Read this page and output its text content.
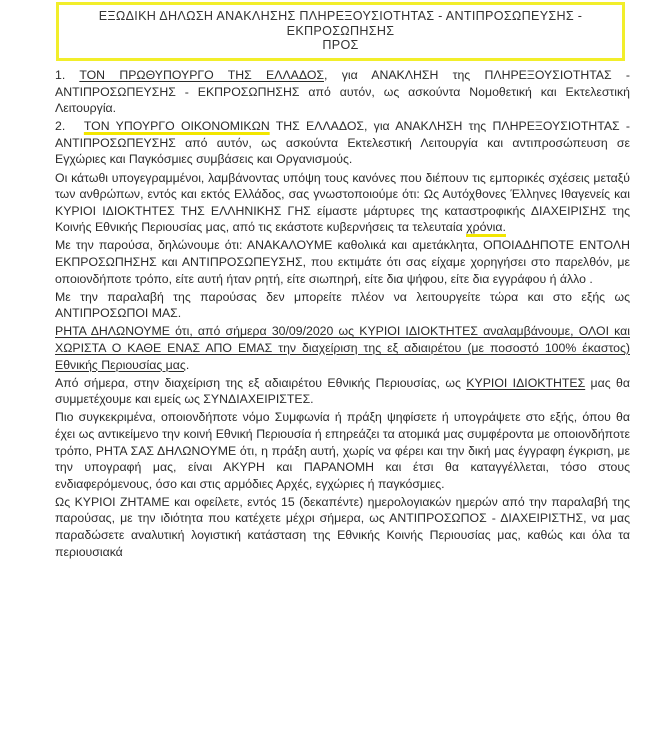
ΕΞΩΔΙΚΗ ΔΗΛΩΣΗ ΑΝΑΚΛΗΣΗΣ ΠΛΗΡΕΞΟΥΣΙΟΤΗΤΑΣ - ΑΝΤΙΠΡΟΣΩΠΕΥΣΗΣ -
ΕΚΠΡΟΣΩΠΗΣΗΣ
ΠΡΟΣ

1. ΤΟΝ ΠΡΩΘΥΠΟΥΡΓΟ ΤΗΣ ΕΛΛΑΔΟΣ, για ΑΝΑΚΛΗΣΗ της ΠΛΗΡΕΞΟΥΣΙΟΤΗΤΑΣ - ΑΝΤΙΠΡΟΣΩΠΕΥΣΗΣ - ΕΚΠΡΟΣΩΠΗΣΗΣ από αυτόν, ως ασκούντα Νομοθετική και Εκτελεστική Λειτουργία.

2. ΤΟΝ ΥΠΟΥΡΓΟ ΟΙΚΟΝΟΜΙΚΩΝ ΤΗΣ ΕΛΛΑΔΟΣ, για ΑΝΑΚΛΗΣΗ της ΠΛΗΡΕΞΟΥΣΙΟΤΗΤΑΣ - ΑΝΤΙΠΡΟΣΩΠΕΥΣΗΣ από αυτόν, ως ασκούντα Εκτελεστική Λειτουργία και αντιπροσώπευση σε Εγχώριες και Παγκόσμιες συμβάσεις και Οργανισμούς.

Οι κάτωθι υπογεγραμμένοι, λαμβάνοντας υπόψη τους κανόνες που διέπουν τις εμπορικές σχέσεις μεταξύ των ανθρώπων, εντός και εκτός Ελλάδος, σας γνωστοποιούμε ότι: Ως Αυτόχθονες Έλληνες Ιθαγενείς και ΚΥΡΙΟΙ ΙΔΙΟΚΤΗΤΕΣ ΤΗΣ ΕΛΛΗΝΙΚΗΣ ΓΗΣ είμαστε μάρτυρες της καταστροφικής ΔΙΑΧΕΙΡΙΣΗΣ της Κοινής Εθνικής Περιουσίας μας, από τις εκάστοτε κυβερνήσεις τα τελευταία χρόνια.

Με την παρούσα, δηλώνουμε ότι: ΑΝΑΚΑΛΟΥΜΕ καθολικά και αμετάκλητα, ΟΠΟΙΑΔΗΠΟΤΕ ΕΝΤΟΛΗ ΕΚΠΡΟΣΩΠΗΣΗΣ και ΑΝΤΙΠΡΟΣΩΠΕΥΣΗΣ, που εκτιμάτε ότι σας είχαμε χορηγήσει στο παρελθόν, με οποιονδήποτε τρόπο, είτε αυτή ήταν ρητή, είτε σιωπηρή, είτε δια ψήφου, είτε δια εγγράφου ή άλλο .

Με την παραλαβή της παρούσας δεν μπορείτε πλέον να λειτουργείτε τώρα και στο εξής ως ΑΝΤΙΠΡΟΣΩΠΟΙ ΜΑΣ.

ΡΗΤΑ ΔΗΛΩΝΟΥΜΕ ότι, από σήμερα 30/09/2020 ως ΚΥΡΙΟΙ ΙΔΙΟΚΤΗΤΕΣ αναλαμβάνουμε, ΟΛΟΙ και ΧΩΡΙΣΤΑ Ο ΚΑΘΕ ΕΝΑΣ ΑΠΟ ΕΜΑΣ την διαχείριση της εξ αδιαιρέτου (με ποσοστό 100% έκαστος) Εθνικής Περιουσίας μας.

Από σήμερα, στην διαχείριση της εξ αδιαιρέτου Εθνικής Περιουσίας, ως ΚΥΡΙΟΙ ΙΔΙΟΚΤΗΤΕΣ μας θα συμμετέχουμε και εμείς ως ΣΥΝΔΙΑΧΕΙΡΙΣΤΕΣ.

Πιο συγκεκριμένα, οποιονδήποτε νόμο Συμφωνία ή πράξη ψηφίσετε ή υπογράψετε στο εξής, όπου θα έχει ως αντικείμενο την κοινή Εθνική Περιουσία ή επηρεάζει τα ατομικά μας συμφέροντα με οποιονδήποτε τρόπο, ΡΗΤΑ ΣΑΣ ΔΗΛΩΝΟΥΜΕ ότι, η πράξη αυτή, χωρίς να φέρει και την δική μας έγγραφη έγκριση, με την υπογραφή μας, είναι ΑΚΥΡΗ και ΠΑΡΑΝΟΜΗ και έτσι θα καταγγέλλεται, τόσο στους ενδιαφερόμενους, όσο και στις αρμόδιες Αρχές, εγχώριες ή παγκόσμιες.

Ως ΚΥΡΙΟΙ ΖΗΤΑΜΕ και οφείλετε, εντός 15 (δεκαπέντε) ημερολογιακών ημερών από την παραλαβή της παρούσας, με την ιδιότητα που κατέχετε μέχρι σήμερα, ως ΑΝΤΙΠΡΟΣΩΠΟΣ - ΔΙΑΧΕΙΡΙΣΤΗΣ, να μας παραδώσετε αναλυτική λογιστική κατάσταση της Εθνικής Κοινής Περιουσίας μας, καθώς και όλα τα περιουσιακά
